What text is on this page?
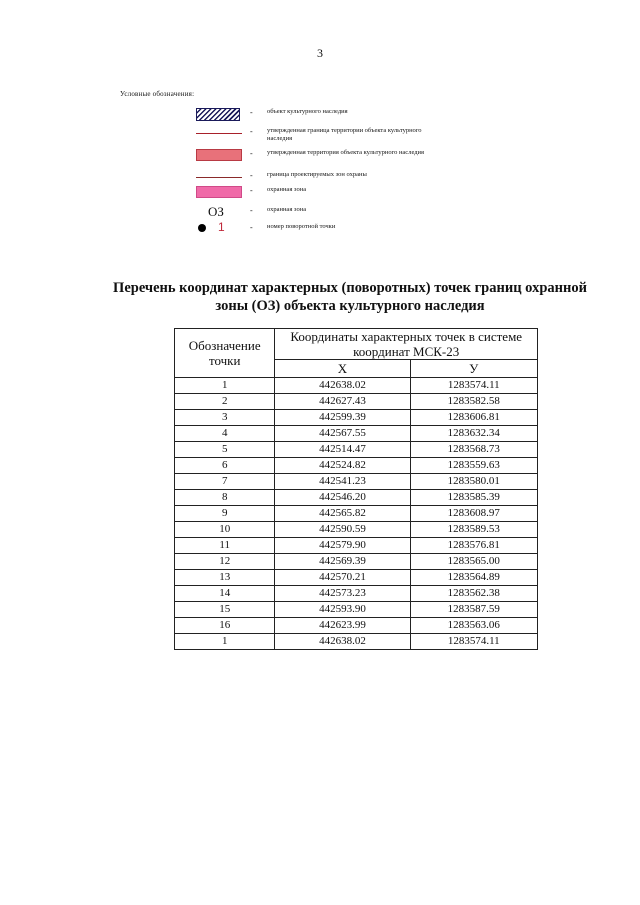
3
Условные обозначения:
- объект культурного наследия
- утвержденная граница территории объекта культурного наследия
- утвержденная территория объекта культурного наследия
- граница проектируемых зон охраны
- охранная зона
ОЗ	- охранная зона
1	- номер поворотной точки
Перечень координат характерных (поворотных) точек границ охранной зоны (ОЗ) объекта культурного наследия
Обозначение точки	Координаты характерных точек в системе координат МСК-23	
	X	У
1	442638.02	1283574.11
2	442627.43	1283582.58
3	442599.39	1283606.81
4	442567.55	1283632.34
5	442514.47	1283568.73
6	442524.82	1283559.63
7	442541.23	1283580.01
8	442546.20	1283585.39
9	442565.82	1283608.97
10	442590.59	1283589.53
11	442579.90	1283576.81
12	442569.39	1283565.00
13	442570.21	1283564.89
14	442573.23	1283562.38
15	442593.90	1283587.59
16	442623.99	1283563.06
1	442638.02	1283574.11
